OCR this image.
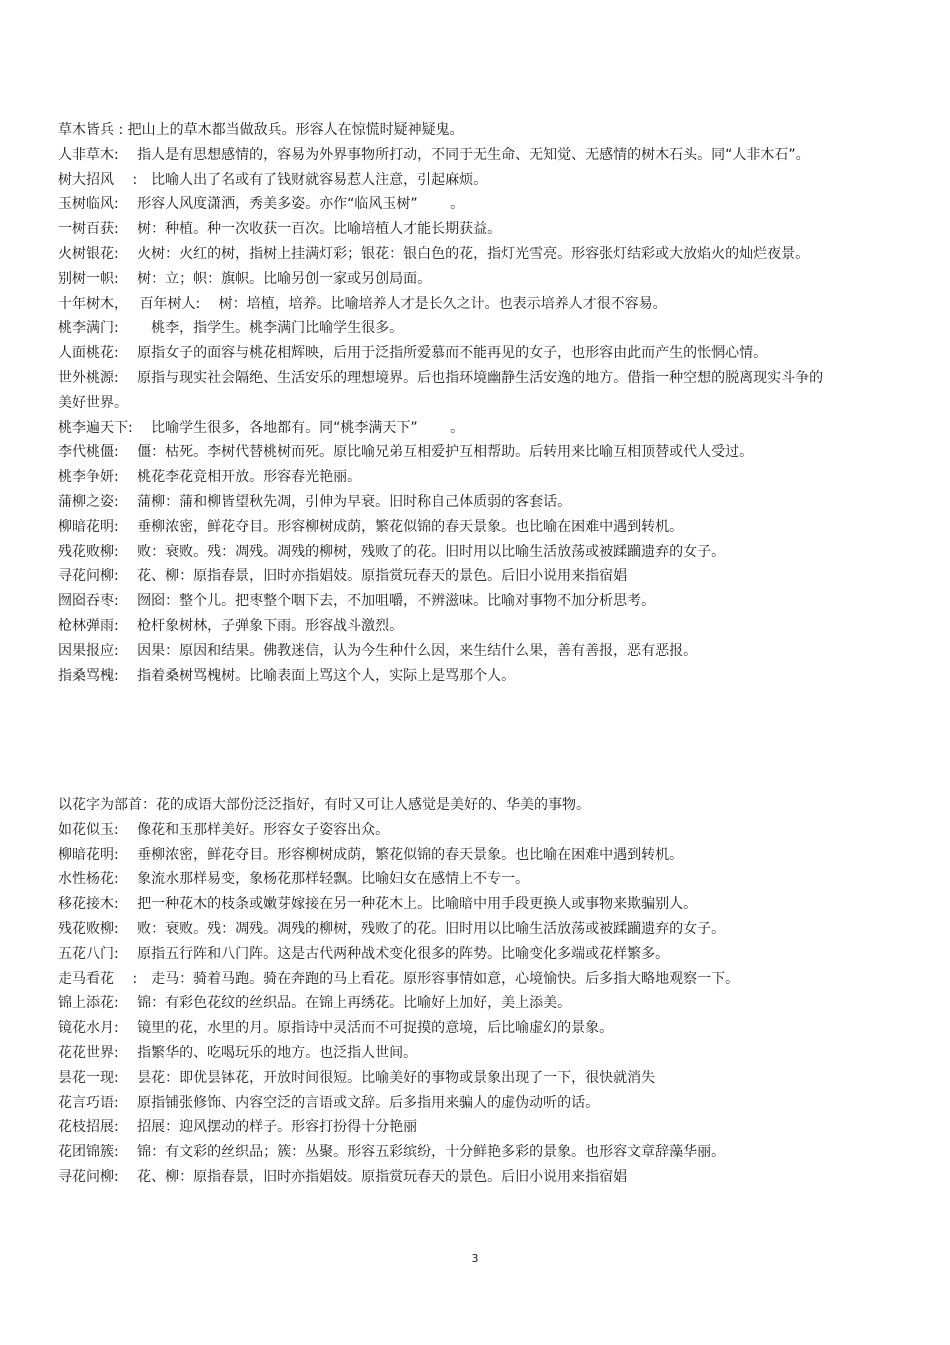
草木皆兵 : 把山上的草木都当做敌兵。形容人在惊慌时疑神疑鬼。

人非草木:　 指人是有思想感情的，容易为外界事物所打动，不同于无生命、无知觉、无感情的树木石头。同“人非木石”。

树大招风 　:　比喻人出了名或有了钱财就容易惹人注意，引起麻烦。

玉树临风:　 形容人风度潇洒，秀美多姿。亦作“临风玉树”　　 。

一树百获:　 树：种植。种一次收获一百次。比喻培植人才能长期获益。

火树银花:　 火树：火红的树，指树上挂满灯彩；银花：银白色的花，指灯光雪亮。形容张灯结彩或大放焰火的灿烂夜景。

别树一帜:　 树：立；帜：旗帜。比喻另创一家或另创局面。

十年树木，　 百年树人:　 树：培植，培养。比喻培养人才是长久之计。也表示培养人才很不容易。

桃李满门:　　 桃李，指学生。桃李满门比喻学生很多。

人面桃花:　 原指女子的面容与桃花相辉映，后用于泛指所爱慕而不能再见的女子，也形容由此而产生的怅惘心情。

世外桃源:　 原指与现实社会隔绝、生活安乐的理想境界。后也指环境幽静生活安逸的地方。借指一种空想的脱离现实斗争的美好世界。

桃李遍天下:　 比喻学生很多，各地都有。同“桃李满天下”　　 。

李代桃僵:　 僵：枯死。李树代替桃树而死。原比喻兄弟互相爱护互相帮助。后转用来比喻互相顶替或代人受过。

桃李争妍:　 桃花李花竞相开放。形容春光艳丽。

蒲柳之姿:　 蒲柳：蒲和柳皆望秋先凋，引伸为早衰。旧时称自己体质弱的客套话。

柳暗花明:　 垂柳浓密，鲜花夺目。形容柳树成荫，繁花似锦的春天景象。也比喻在困难中遇到转机。

残花败柳:　 败：衰败。残：凋残。凋残的柳树，残败了的花。旧时用以比喻生活放荡或被蹂躏遗弃的女子。

寻花问柳:　 花、柳：原指春景，旧时亦指娼妓。原指赏玩春天的景色。后旧小说用来指宿娼

囫囵吞枣:　 囫囵：整个儿。把枣整个咽下去，不加咀嚼，不辨滋味。比喻对事物不加分析思考。

枪林弹雨:　 枪杆象树林，子弹象下雨。形容战斗激烈。

因果报应:　 因果：原因和结果。佛教迷信，认为今生种什么因，来生结什么果，善有善报，恶有恶报。

指桑骂槐:　 指着桑树骂槐树。比喻表面上骂这个人，实际上是骂那个人。

以花字为部首：花的成语大部份泛泛指好，有时又可让人感觉是美好的、华美的事物。

如花似玉:　 像花和玉那样美好。形容女子姿容出众。

柳暗花明:　 垂柳浓密，鲜花夺目。形容柳树成荫，繁花似锦的春天景象。也比喻在困难中遇到转机。

水性杨花:　 象流水那样易变，象杨花那样轻飘。比喻妇女在感情上不专一。

移花接木:　 把一种花木的枝条或嫩芽嫁接在另一种花木上。比喻暗中用手段更换人或事物来欺骗别人。

残花败柳:　 败：衰败。残：凋残。凋残的柳树，残败了的花。旧时用以比喻生活放荡或被蹂躏遗弃的女子。

五花八门:　 原指五行阵和八门阵。这是古代两种战术变化很多的阵势。比喻变化多端或花样繁多。

走马看花 　:　走马：骑着马跑。骑在奔跑的马上看花。原形容事情如意，心境愉快。后多指大略地观察一下。

锦上添花:　 锦：有彩色花纹的丝织品。在锦上再绣花。比喻好上加好，美上添美。

镜花水月:　 镜里的花，水里的月。原指诗中灵活而不可捉摸的意境，后比喻虚幻的景象。

花花世界:　 指繁华的、吃喝玩乐的地方。也泛指人世间。

昙花一现:　 昙花：即优昙钵花，开放时间很短。比喻美好的事物或景象出现了一下，很快就消失

花言巧语:　 原指铺张修饰、内容空泛的言语或文辞。后多指用来骗人的虚伪动听的话。

花枝招展:　 招展：迎风摆动的样子。形容打扮得十分艳丽

花团锦簇:　 锦：有文彩的丝织品；簇：丛聚。形容五彩缤纷，十分鲜艳多彩的景象。也形容文章辞藻华丽。

寻花问柳:　 花、柳：原指春景，旧时亦指娼妓。原指赏玩春天的景色。后旧小说用来指宿娼

3
